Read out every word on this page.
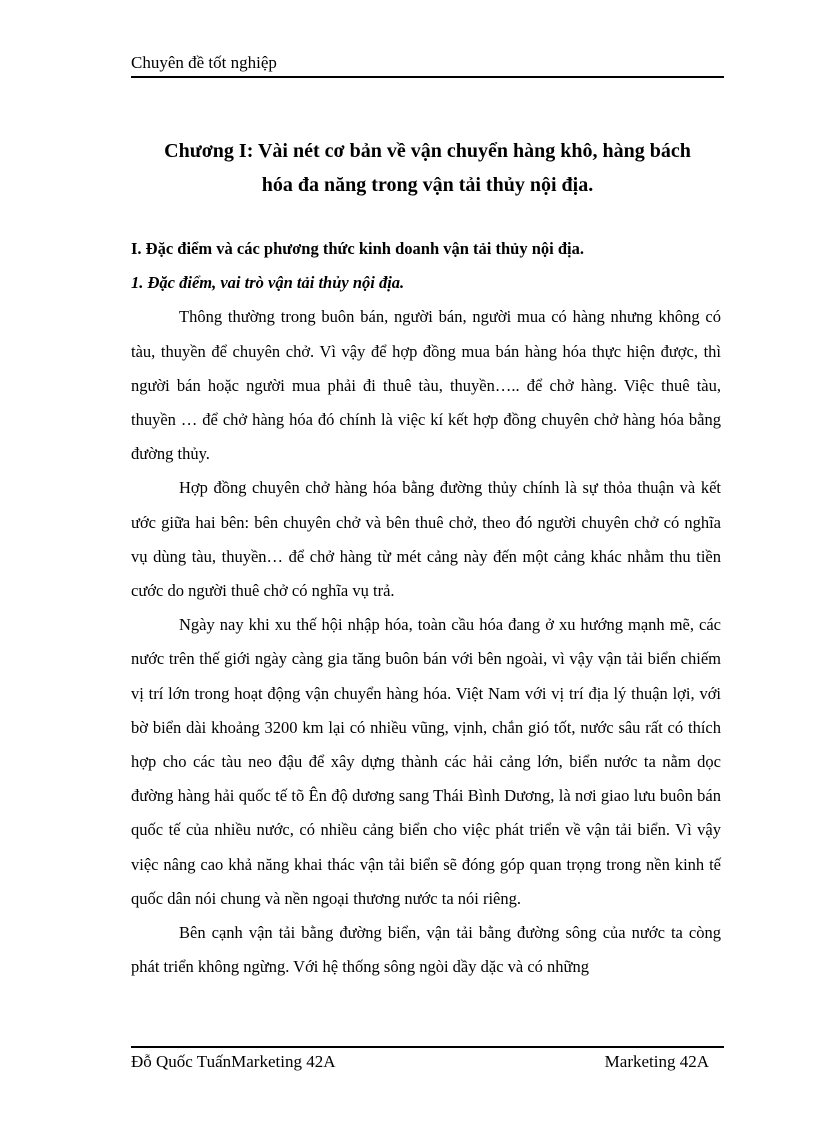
Chuyên đề tốt nghiệp
Chương I: Vài nét cơ bản về vận chuyển hàng khô, hàng bách
hóa đa năng trong vận tải thủy nội địa.

I. Đặc điểm và các phương thức kinh doanh vận tải thủy nội địa.

1. Đặc điểm, vai trò vận tải thủy nội địa.

Thông thường trong buôn bán, người bán, người mua có hàng nhưng không có tàu, thuyền để chuyên chở. Vì vậy để hợp đồng mua bán hàng hóa thực hiện được, thì người bán hoặc người mua phải đi thuê tàu, thuyền….. để chở hàng. Việc thuê tàu, thuyền … để chở hàng hóa đó chính là việc kí kết hợp đồng chuyên chở hàng hóa bằng đường thủy.

Hợp đồng chuyên chở hàng hóa bằng đường thủy chính là sự thỏa thuận và kết ước giữa hai bên: bên chuyên chở và bên thuê chở, theo đó người chuyên chở có nghĩa vụ dùng tàu, thuyền… để chở hàng từ mét cảng này đến một cảng khác nhằm thu tiền cước do người thuê chở có nghĩa vụ trả.

Ngày nay khi xu thế hội nhập hóa, toàn cầu hóa đang ở xu hướng mạnh mẽ, các nước trên thế giới ngày càng gia tăng buôn bán với bên ngoài, vì vậy vận tải biển chiếm vị trí lớn trong hoạt động vận chuyển hàng hóa. Việt Nam với vị trí địa lý thuận lợi, với bờ biển dài khoảng 3200 km lại có nhiều vũng, vịnh, chắn gió tốt, nước sâu rất có thích hợp cho các tàu neo đậu để xây dựng thành các hải cảng lớn, biển nước ta nằm dọc đường hàng hải quốc tế tõ Ên độ dương sang Thái Bình Dương, là nơi giao lưu buôn bán quốc tế của nhiều nước, có nhiều cảng biển cho việc phát triển về vận tải biển. Vì vậy việc nâng cao khả năng khai thác vận tải biển sẽ đóng góp quan trọng trong nền kinh tế quốc dân nói chung và nền ngoại thương nước ta nói riêng.

Bên cạnh vận tải bằng đường biển, vận tải bằng đường sông của nước ta còng phát triển không ngừng. Với hệ thống sông ngòi dầy dặc và có những

Đỗ Quốc TuấnMarketing 42A	Marketing 42A
